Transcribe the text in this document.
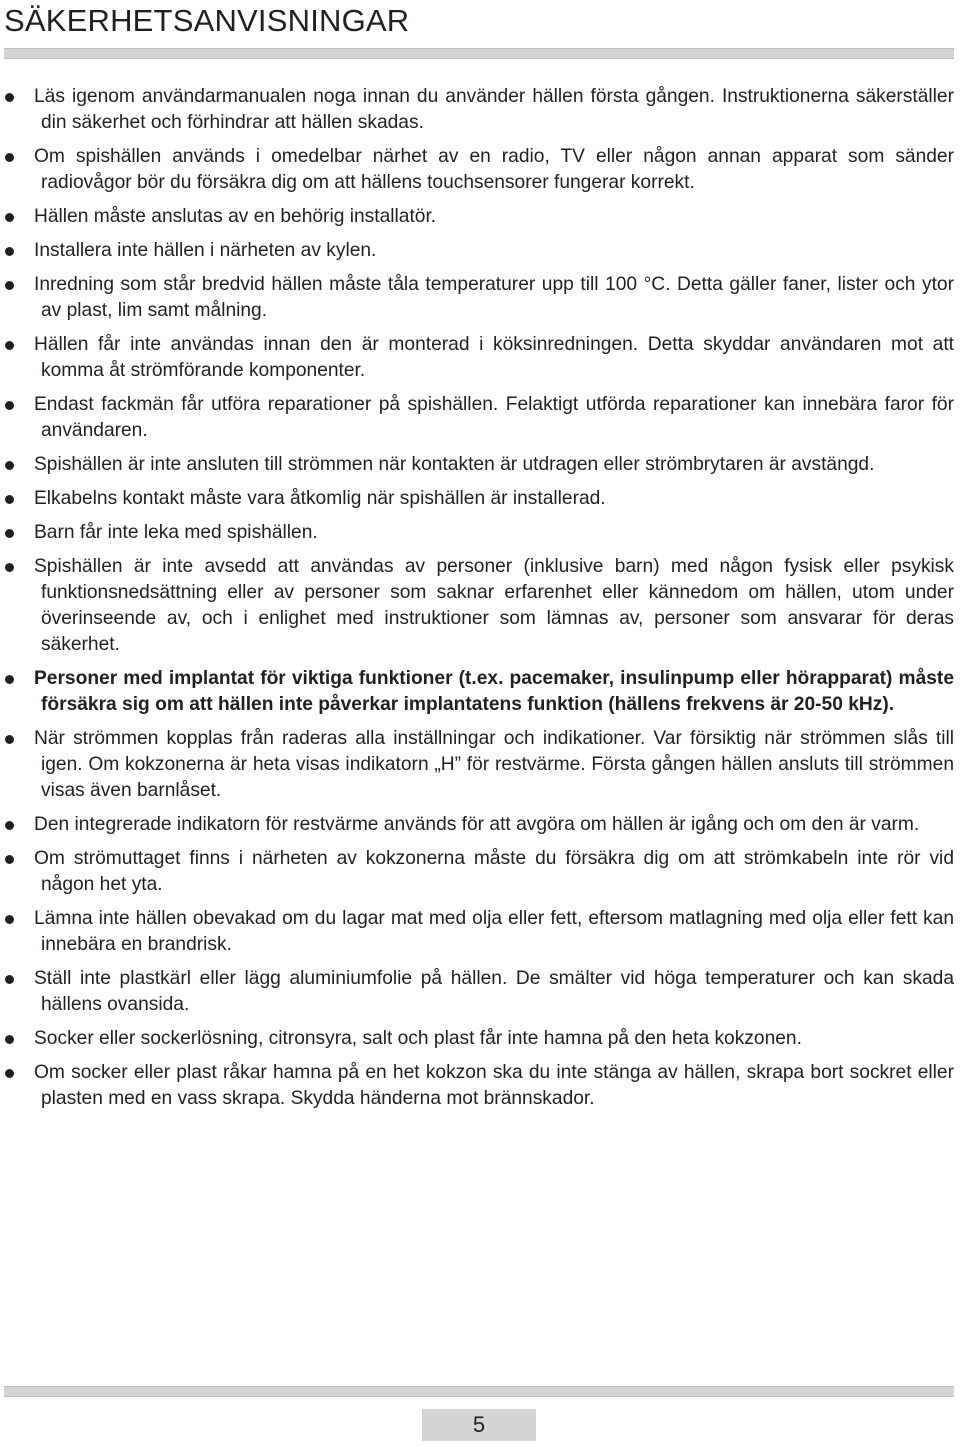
SÄKERHETSANVISNINGAR
Läs igenom användarmanualen noga innan du använder hällen första gången. Instruktionerna säkerställer din säkerhet och förhindrar att hällen skadas.
Om spishällen används i omedelbar närhet av en radio, TV eller någon annan apparat som sänder radiovågor bör du försäkra dig om att hällens touchsensorer fungerar korrekt.
Hällen måste anslutas av en behörig installatör.
Installera inte hällen i närheten av kylen.
Inredning som står bredvid hällen måste tåla temperaturer upp till 100 °C. Detta gäller faner, lister och ytor av plast, lim samt målning.
Hällen får inte användas innan den är monterad i köksinredningen. Detta skyddar användaren mot att komma åt strömförande komponenter.
Endast fackmän får utföra reparationer på spishällen. Felaktigt utförda reparationer kan innebära faror för användaren.
Spishällen är inte ansluten till strömmen när kontakten är utdragen eller strömbrytaren är avstängd.
Elkabelns kontakt måste vara åtkomlig när spishällen är installerad.
Barn får inte leka med spishällen.
Spishällen är inte avsedd att användas av personer (inklusive barn) med någon fysisk eller psykisk funktionsnedsättning eller av personer som saknar erfarenhet eller kännedom om hällen, utom under överinseende av, och i enlighet med instruktioner som lämnas av, personer som ansvarar för deras säkerhet.
Personer med implantat för viktiga funktioner (t.ex. pacemaker, insulinpump eller hörapparat) måste försäkra sig om att hällen inte påverkar implantatens funktion (hällens frekvens är 20-50 kHz).
När strömmen kopplas från raderas alla inställningar och indikationer. Var försiktig när strömmen slås till igen. Om kokzonerna är heta visas indikatorn „H” för restvärme. Första gången hällen ansluts till strömmen visas även barnlåset.
Den integrerade indikatorn för restvärme används för att avgöra om hällen är igång och om den är varm.
Om strömuttaget finns i närheten av kokzonerna måste du försäkra dig om att strömkabeln inte rör vid någon het yta.
Lämna inte hällen obevakad om du lagar mat med olja eller fett, eftersom matlagning med olja eller fett kan innebära en brandrisk.
Ställ inte plastkärl eller lägg aluminiumfolie på hällen. De smälter vid höga temperaturer och kan skada hällens ovansida.
Socker eller sockerlösning, citronsyra, salt och plast får inte hamna på den heta kokzonen.
Om socker eller plast råkar hamna på en het kokzon ska du inte stänga av hällen, skrapa bort sockret eller plasten med en vass skrapa. Skydda händerna mot brännskador.
5
